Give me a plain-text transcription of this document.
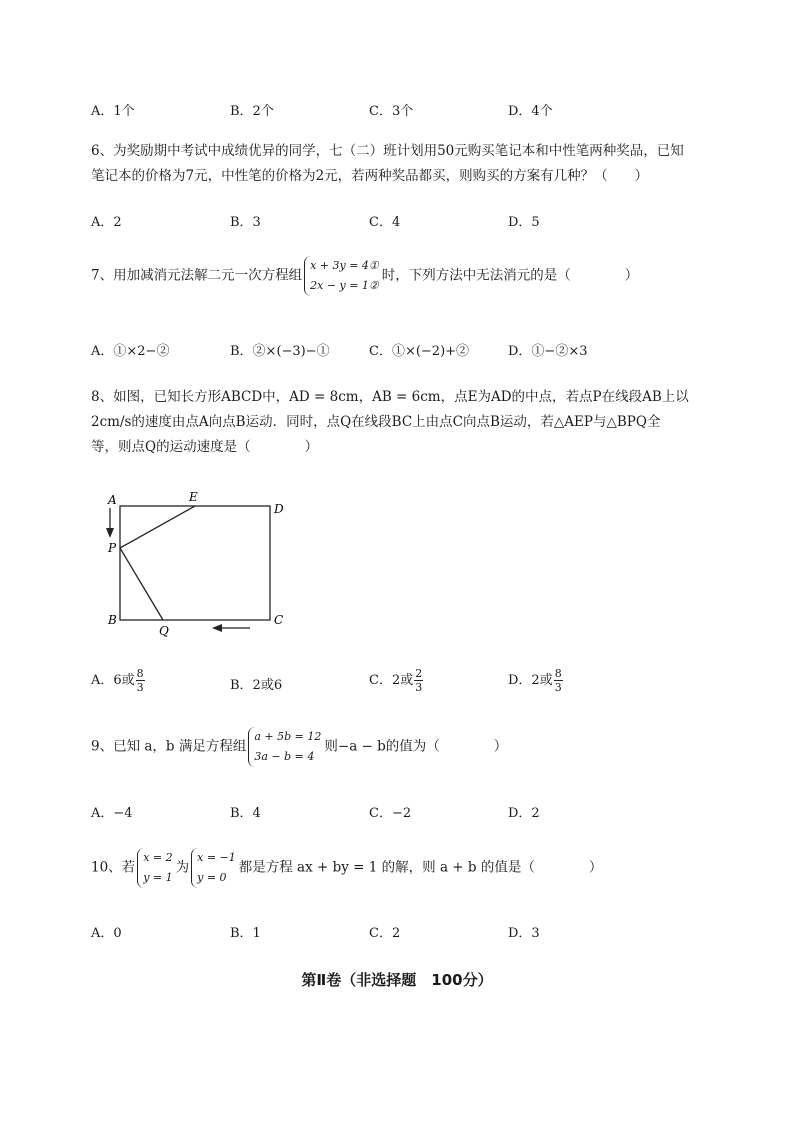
A．1个	B．2个	C．3个	D．4个
6、为奖励期中考试中成绩优异的同学，七（二）班计划用50元购买笔记本和中性笔两种奖品，已知
笔记本的价格为7元，中性笔的价格为2元，若两种奖品都买，则购买的方案有几种？（　　）
A．2	B．3	C．4	D．5
7、用加减消元法解二元一次方程组
x + 3y = 4①
2x − y = 1②
时，下列方法中无法消元的是（　　　　）
A．①×2−②	B．②×(−3)−①	C．①×(−2)+②	D．①−②×3
8、如图，已知长方形ABCD中，AD = 8cm，AB = 6cm，点E为AD的中点，若点P在线段AB上以
2cm/s的速度由点A向点B运动．同时，点Q在线段BC上由点C向点B运动，若△AEP与△BPQ全
等，则点Q的运动速度是（　　　　）
A	E
D
P
B
Q
C
A．6或 $\frac{8}{3}$	B．2或6	C．2或 $\frac{2}{3}$	D．2或 $\frac{8}{3}$
9、已知 a，b 满足方程组
a + 5b = 12
3a − b = 4
则−a − b的值为（　　　　）
A．−4	B．4	C．−2	D．2
10、若
x = 2
y = 1
为
x = −1
y = 0
都是方程 ax + by = 1 的解，则 a + b 的值是（　　　　）
A．0	B．1	C．2	D．3
第Ⅱ卷（非选择题　100分）
